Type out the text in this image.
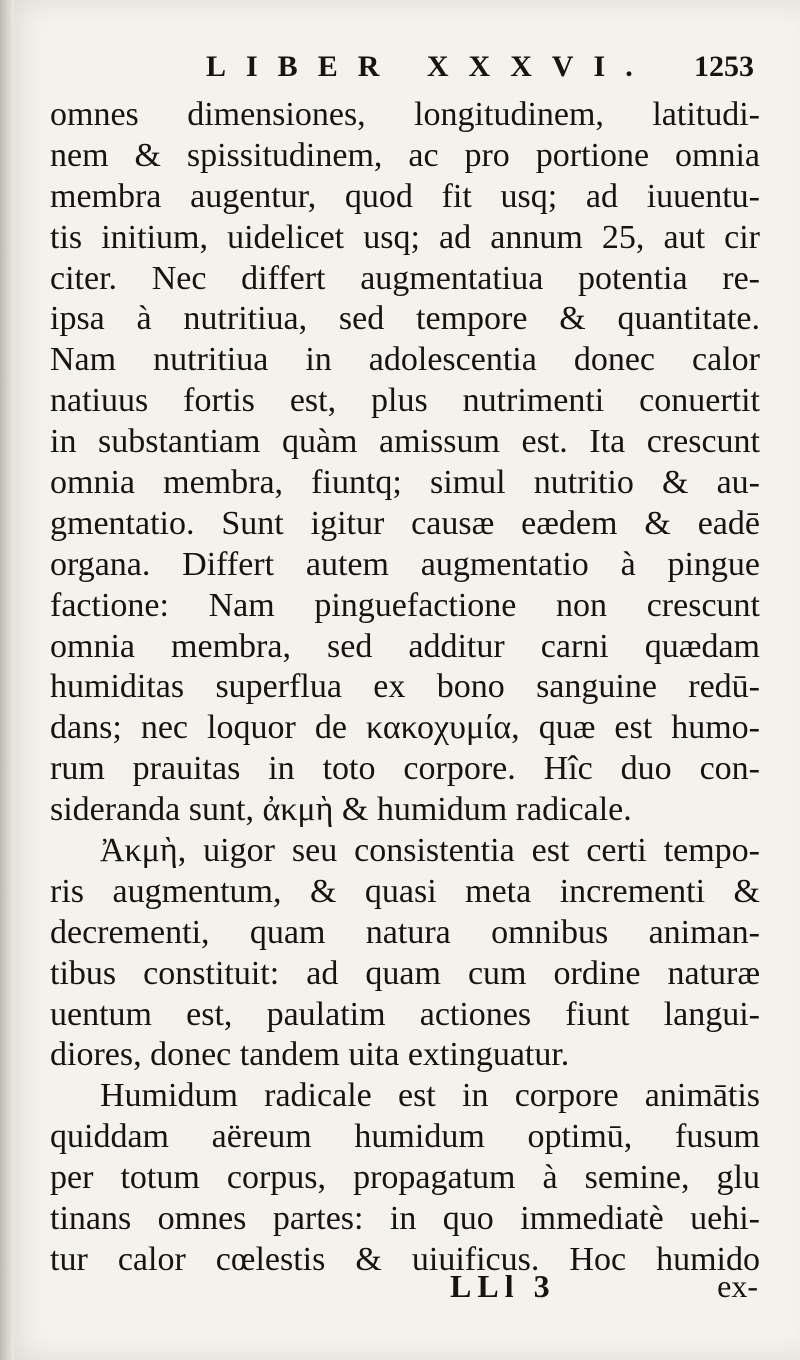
LIBER XXXVI. 1253
omnes dimensiones, longitudinem, latitudi-
nem & spissitudinem, ac pro portione omnia
membra augentur, quod fit usq; ad iuuentu-
tis initium, uidelicet usq; ad annum 25, aut cir
citer. Nec differt augmentatiua potentia re-
ipsa à nutritiua, sed tempore & quantitate.
Nam nutritiua in adolescentia donec calor
natiuus fortis est, plus nutrimenti conuertit
in substantiam quàm amissum est. Ita crescunt
omnia membra, fiuntq; simul nutritio & au-
gmentatio. Sunt igitur causæ eædem & eadē
organa. Differt autem augmentatio à pingue
factione: Nam pinguefactione non crescunt
omnia membra, sed additur carni quædam
humiditas superflua ex bono sanguine redū-
dans; nec loquor de κακοχυμία, quæ est humo-
rum prauitas in toto corpore. Hîc duo con-
sideranda sunt, ἀκμὴ & humidum radicale.
Ἀκμὴ, uigor seu consistentia est certi tempo-
ris augmentum, & quasi meta incrementi &
decrementi, quam natura omnibus animan-
tibus constituit: ad quam cum ordine naturæ
uentum est, paulatim actiones fiunt langui-
diores, donec tandem uita extinguatur.
Humidum radicale est in corpore animātis
quiddam aëreum humidum optimū, fusum
per totum corpus, propagatum à semine, glu
tinans omnes partes: in quo immediatè uehi-
tur calor cœlestis & uiuificus. Hoc humido
LLl 3	ex-
